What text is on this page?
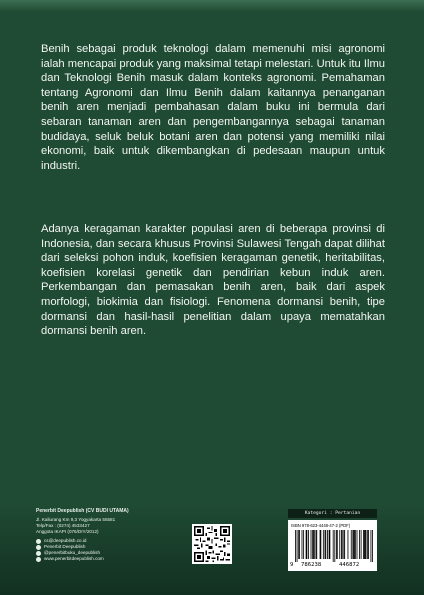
Benih sebagai produk teknologi dalam memenuhi misi agronomi ialah mencapai produk yang maksimal tetapi melestari. Untuk itu Ilmu dan Teknologi Benih masuk dalam konteks agronomi. Pemahaman tentang Agronomi dan Ilmu Benih dalam kaitannya penanganan benih aren menjadi pembahasan dalam buku ini bermula dari sebaran tanaman aren dan pengembangannya sebagai tanaman budidaya, seluk beluk botani aren dan potensi yang memiliki nilai ekonomi, baik untuk dikembangkan di pedesaan maupun untuk industri.
Adanya keragaman karakter populasi aren di beberapa provinsi di Indonesia, dan secara khusus Provinsi Sulawesi Tengah dapat dilihat dari seleksi pohon induk, koefisien keragaman genetik, heritabilitas, koefisien korelasi genetik dan pendirian kebun induk aren. Perkembangan dan pemasakan benih aren, baik dari aspek morfologi, biokimia dan fisiologi. Fenomena dormansi benih, tipe dormansi dan hasil-hasil penelitian dalam upaya mematahkan dormansi benih aren.
Penerbit Deepublish (CV BUDI UTAMA)
Jl. Kaliurang Km 9,3 Yogyakarta 55581
Telp/Fax : (0274) 4533427
Anggota IKAPI (076/DIY/2012)
cs@deepublish.co.id
Penerbit Deepublish
@penerbitbuku_deepublish
www.penerbitdeepublish.com
Kategori : Pertanian
ISBN 978-623-4448-47-2 (PDF)
9 786238	446872
